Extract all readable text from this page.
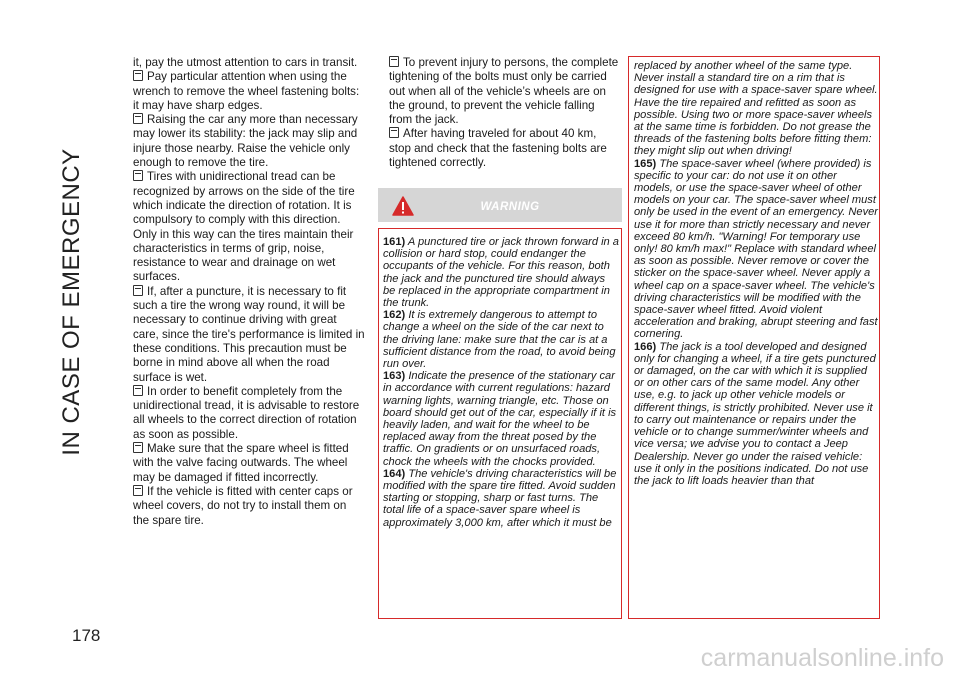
IN CASE OF EMERGENCY
178

it, pay the utmost attention to cars in transit.

Pay particular attention when using the wrench to remove the wheel fastening bolts: it may have sharp edges.

Raising the car any more than necessary may lower its stability: the jack may slip and injure those nearby. Raise the vehicle only enough to remove the tire.

Tires with unidirectional tread can be recognized by arrows on the side of the tire which indicate the direction of rotation. It is compulsory to comply with this direction. Only in this way can the tires maintain their characteristics in terms of grip, noise, resistance to wear and drainage on wet surfaces.

If, after a puncture, it is necessary to fit such a tire the wrong way round, it will be necessary to continue driving with great care, since the tire's performance is limited in these conditions. This precaution must be borne in mind above all when the road surface is wet.

In order to benefit completely from the unidirectional tread, it is advisable to restore all wheels to the correct direction of rotation as soon as possible.

Make sure that the spare wheel is fitted with the valve facing outwards. The wheel may be damaged if fitted incorrectly.

If the vehicle is fitted with center caps or wheel covers, do not try to install them on the spare tire.

To prevent injury to persons, the complete tightening of the bolts must only be carried out when all of the vehicle’s wheels are on the ground, to prevent the vehicle falling from the jack.

After having traveled for about 40 km, stop and check that the fastening bolts are tightened correctly.

WARNING

161) A punctured tire or jack thrown forward in a collision or hard stop, could endanger the occupants of the vehicle. For this reason, both the jack and the punctured tire should always be replaced in the appropriate compartment in the trunk.

162) It is extremely dangerous to attempt to change a wheel on the side of the car next to the driving lane: make sure that the car is at a sufficient distance from the road, to avoid being run over.

163) Indicate the presence of the stationary car in accordance with current regulations: hazard warning lights, warning triangle, etc. Those on board should get out of the car, especially if it is heavily laden, and wait for the wheel to be replaced away from the threat posed by the traffic. On gradients or on unsurfaced roads, chock the wheels with the chocks provided.

164) The vehicle's driving characteristics will be modified with the spare tire fitted. Avoid sudden starting or stopping, sharp or fast turns. The total life of a space-saver spare wheel is approximately 3,000 km, after which it must be

replaced by another wheel of the same type. Never install a standard tire on a rim that is designed for use with a space-saver spare wheel. Have the tire repaired and refitted as soon as possible. Using two or more space-saver wheels at the same time is forbidden. Do not grease the threads of the fastening bolts before fitting them: they might slip out when driving!

165) The space-saver wheel (where provided) is specific to your car: do not use it on other models, or use the space-saver wheel of other models on your car. The space-saver wheel must only be used in the event of an emergency. Never use it for more than strictly necessary and never exceed 80 km/h. "Warning! For temporary use only! 80 km/h max!" Replace with standard wheel as soon as possible. Never remove or cover the sticker on the space-saver wheel. Never apply a wheel cap on a space-saver wheel. The vehicle's driving characteristics will be modified with the space-saver wheel fitted. Avoid violent acceleration and braking, abrupt steering and fast cornering.

166) The jack is a tool developed and designed only for changing a wheel, if a tire gets punctured or damaged, on the car with which it is supplied or on other cars of the same model. Any other use, e.g. to jack up other vehicle models or different things, is strictly prohibited. Never use it to carry out maintenance or repairs under the vehicle or to change summer/winter wheels and vice versa; we advise you to contact a Jeep Dealership. Never go under the raised vehicle: use it only in the positions indicated. Do not use the jack to lift loads heavier than that

carmanualsonline.info
